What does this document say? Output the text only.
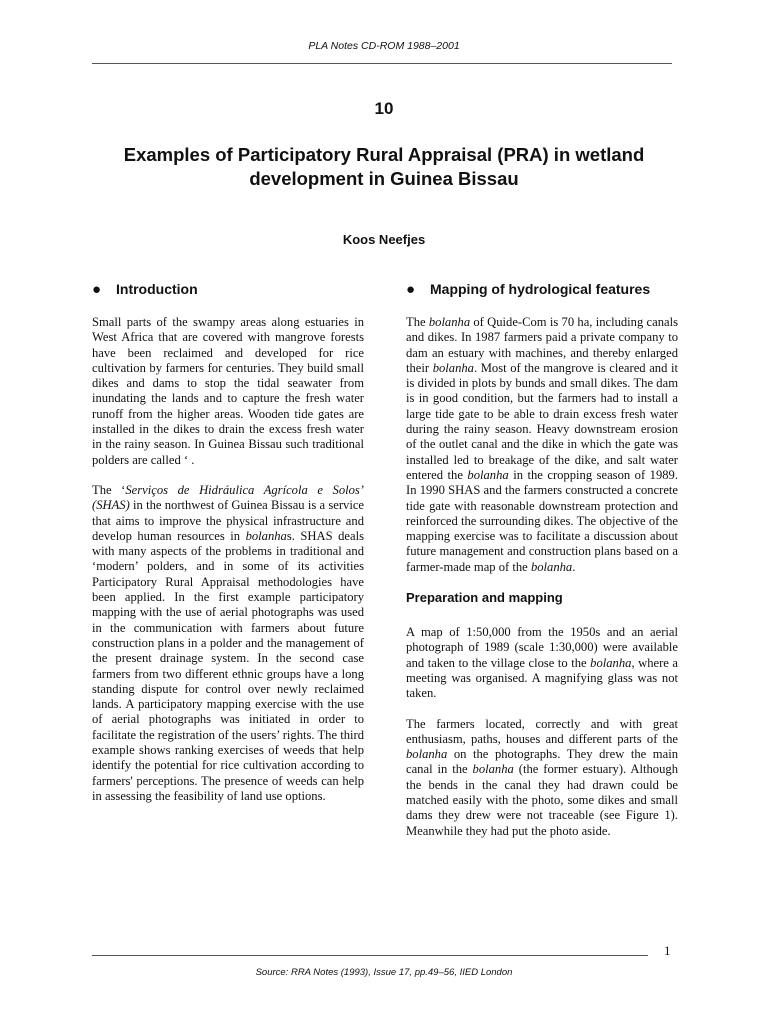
PLA Notes CD-ROM 1988–2001
10
Examples of Participatory Rural Appraisal (PRA) in wetland development in Guinea Bissau
Koos Neefjes
● Introduction	● Mapping of hydrological features

Small parts of the swampy areas along estuaries in West Africa that are covered with mangrove forests have been reclaimed and developed for rice cultivation by farmers for centuries. They build small dikes and dams to stop the tidal seawater from inundating the lands and to capture the fresh water runoff from the higher areas. Wooden tide gates are installed in the dikes to drain the excess fresh water in the rainy season. In Guinea Bissau such traditional polders are called ‘ .

The ‘Serviços de Hidráulica Agrícola e Solos’ (SHAS) in the northwest of Guinea Bissau is a service that aims to improve the physical infrastructure and develop human resources in bolanhas. SHAS deals with many aspects of the problems in traditional and ‘modern’ polders, and in some of its activities Participatory Rural Appraisal methodologies have been applied. In the first example participatory mapping with the use of aerial photographs was used in the communication with farmers about future construction plans in a polder and the management of the present drainage system. In the second case farmers from two different ethnic groups have a long standing dispute for control over newly reclaimed lands. A participatory mapping exercise with the use of aerial photographs was initiated in order to facilitate the registration of the users’ rights. The third example shows ranking exercises of weeds that help identify the potential for rice cultivation according to farmers' perceptions. The presence of weeds can help in assessing the feasibility of land use options.

The bolanha of Quide-Com is 70 ha, including canals and dikes. In 1987 farmers paid a private company to dam an estuary with machines, and thereby enlarged their bolanha. Most of the mangrove is cleared and it is divided in plots by bunds and small dikes. The dam is in good condition, but the farmers had to install a large tide gate to be able to drain excess fresh water during the rainy season. Heavy downstream erosion of the outlet canal and the dike in which the gate was installed led to breakage of the dike, and salt water entered the bolanha in the cropping season of 1989. In 1990 SHAS and the farmers constructed a concrete tide gate with reasonable downstream protection and reinforced the surrounding dikes. The objective of the mapping exercise was to facilitate a discussion about future management and construction plans based on a farmer-made map of the bolanha.

Preparation and mapping

A map of 1:50,000 from the 1950s and an aerial photograph of 1989 (scale 1:30,000) were available and taken to the village close to the bolanha, where a meeting was organised. A magnifying glass was not taken.

The farmers located, correctly and with great enthusiasm, paths, houses and different parts of the bolanha on the photographs. They drew the main canal in the bolanha (the former estuary). Although the bends in the canal they had drawn could be matched easily with the photo, some dikes and small dams they drew were not traceable (see Figure 1). Meanwhile they had put the photo aside.

1
Source: RRA Notes (1993), Issue 17, pp.49–56, IIED London
